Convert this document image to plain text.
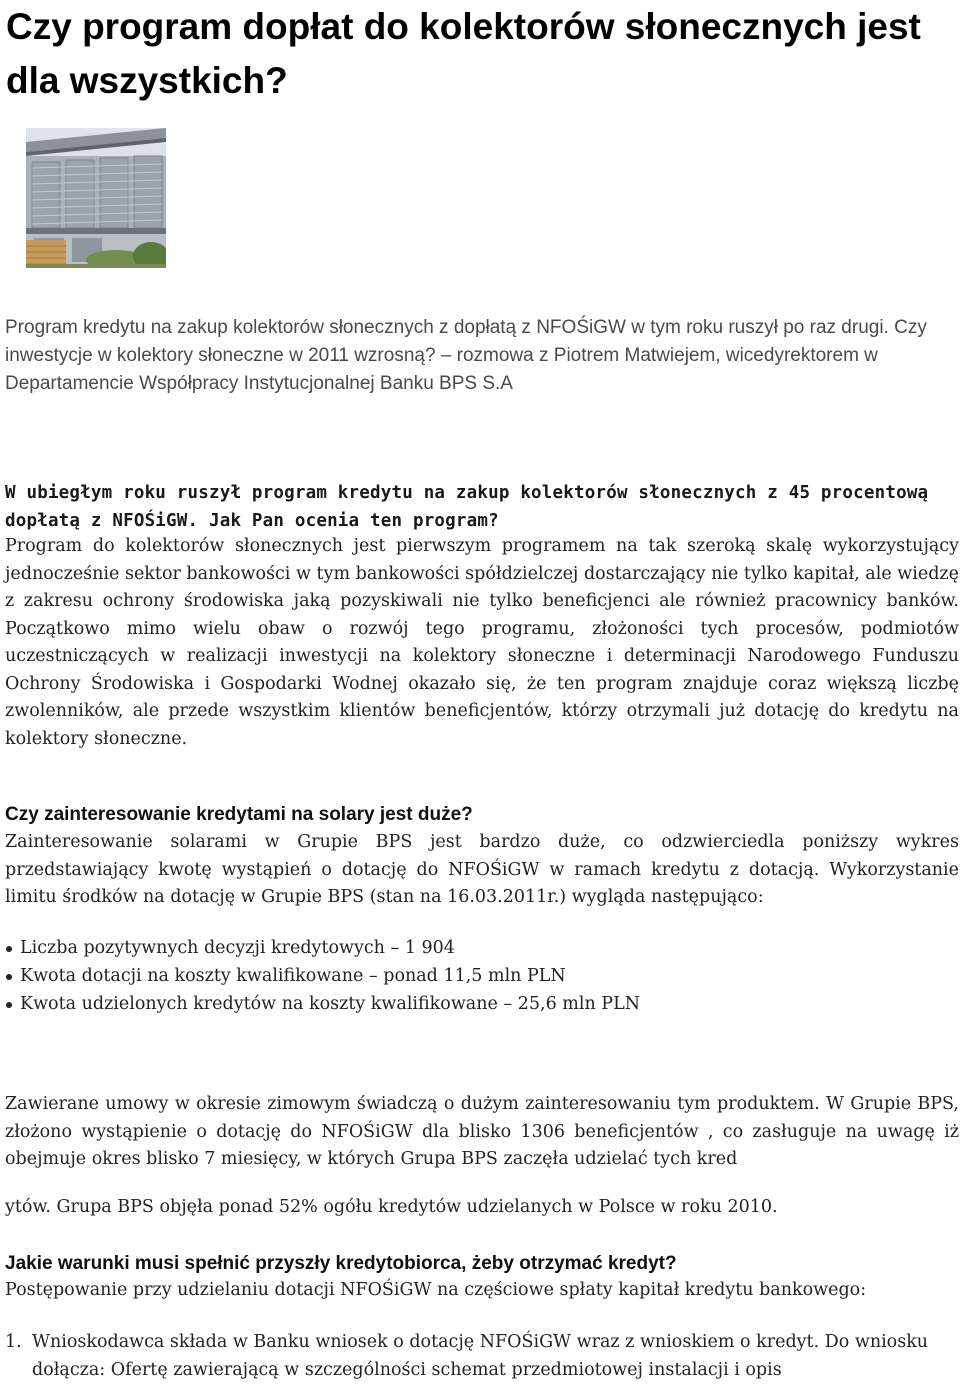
Czy program dopłat do kolektorów słonecznych jest dla wszystkich?

Program kredytu na zakup kolektorów słonecznych z dopłatą z NFOŚiGW w tym roku ruszył po raz drugi. Czy inwestycje w kolektory słoneczne w 2011 wzrosną? – rozmowa z Piotrem Matwiejem, wicedyrektorem w Departamencie Współpracy Instytucjonalnej Banku BPS S.A

W ubiegłym roku ruszył program kredytu na zakup kolektorów słonecznych z 45 procentową dopłatą z NFOŚiGW. Jak Pan ocenia ten program?

Program do kolektorów słonecznych jest pierwszym programem na tak szeroką skalę wykorzystujący jednocześnie sektor bankowości w tym bankowości spółdzielczej dostarczający nie tylko kapitał, ale wiedzę z zakresu ochrony środowiska jaką pozyskiwali nie tylko beneficjenci ale również pracownicy banków. Początkowo mimo wielu obaw o rozwój tego programu, złożoności tych procesów, podmiotów uczestniczących w realizacji inwestycji na kolektory słoneczne i determinacji Narodowego Funduszu Ochrony Środowiska i Gospodarki Wodnej okazało się, że ten program znajduje coraz większą liczbę zwolenników, ale przede wszystkim klientów beneficjentów, którzy otrzymali już dotację do kredytu na kolektory słoneczne.

Czy zainteresowanie kredytami na solary jest duże?

Zainteresowanie solarami w Grupie BPS jest bardzo duże, co odzwierciedla poniższy wykres przedstawiający kwotę wystąpień o dotację do NFOŚiGW w ramach kredytu z dotacją. Wykorzystanie limitu środków na dotację w Grupie BPS (stan na 16.03.2011r.) wygląda następująco:

Liczba pozytywnych decyzji kredytowych – 1 904
Kwota dotacji na koszty kwalifikowane – ponad 11,5 mln PLN
Kwota udzielonych kredytów na koszty kwalifikowane – 25,6 mln PLN

Zawierane umowy w okresie zimowym świadczą o dużym zainteresowaniu tym produktem. W Grupie BPS, złożono wystąpienie o dotację do NFOŚiGW dla blisko 1306 beneficjentów , co zasługuje na uwagę iż obejmuje okres blisko 7 miesięcy, w których Grupa BPS zaczęła udzielać tych kred

ytów. Grupa BPS objęła ponad 52% ogółu kredytów udzielanych w Polsce w roku 2010.

Jakie warunki musi spełnić przyszły kredytobiorca, żeby otrzymać kredyt?

Postępowanie przy udzielaniu dotacji NFOŚiGW na częściowe spłaty kapitał kredytu bankowego:

1. Wnioskodawca składa w Banku wniosek o dotację NFOŚiGW wraz z wnioskiem o kredyt. Do wniosku dołącza: Ofertę zawierającą w szczególności schemat przedmiotowej instalacji i opis
